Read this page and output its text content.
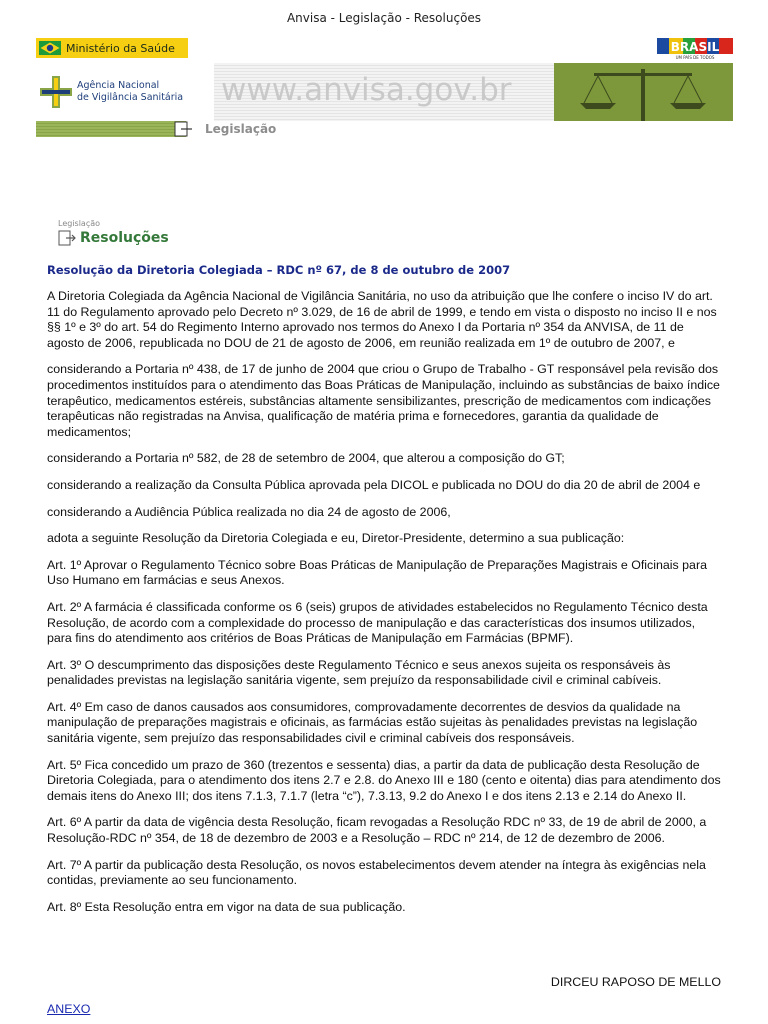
Anvisa - Legislação - Resoluções
Ministério da Saúde	BRASIL
UM PAÍS DE TODOS
Agência Nacional
de Vigilância Sanitária www.anvisa.gov.br
Legislação
Legislação
Resoluções
Resolução da Diretoria Colegiada – RDC nº 67, de 8 de outubro de 2007

A Diretoria Colegiada da Agência Nacional de Vigilância Sanitária, no uso da atribuição que lhe confere o inciso IV do art. 11 do Regulamento aprovado pelo Decreto nº 3.029, de 16 de abril de 1999, e tendo em vista o disposto no inciso II e nos §§ 1º e 3º do art. 54 do Regimento Interno aprovado nos termos do Anexo I da Portaria nº 354 da ANVISA, de 11 de agosto de 2006, republicada no DOU de 21 de agosto de 2006, em reunião realizada em 1º de outubro de 2007, e

considerando a Portaria nº 438, de 17 de junho de 2004 que criou o Grupo de Trabalho - GT responsável pela revisão dos procedimentos instituídos para o atendimento das Boas Práticas de Manipulação, incluindo as substâncias de baixo índice terapêutico, medicamentos estéreis, substâncias altamente sensibilizantes, prescrição de medicamentos com indicações terapêuticas não registradas na Anvisa, qualificação de matéria prima e fornecedores, garantia da qualidade de medicamentos;

considerando a Portaria nº 582, de 28 de setembro de 2004, que alterou a composição do GT;

considerando a realização da Consulta Pública aprovada pela DICOL e publicada no DOU do dia 20 de abril de 2004 e

considerando a Audiência Pública realizada no dia 24 de agosto de 2006,

adota a seguinte Resolução da Diretoria Colegiada e eu, Diretor-Presidente, determino a sua publicação:

Art. 1º Aprovar o Regulamento Técnico sobre Boas Práticas de Manipulação de Preparações Magistrais e Oficinais para Uso Humano em farmácias e seus Anexos.

Art. 2º A farmácia é classificada conforme os 6 (seis) grupos de atividades estabelecidos no Regulamento Técnico desta Resolução, de acordo com a complexidade do processo de manipulação e das características dos insumos utilizados, para fins do atendimento aos critérios de Boas Práticas de Manipulação em Farmácias (BPMF).

Art. 3º O descumprimento das disposições deste Regulamento Técnico e seus anexos sujeita os responsáveis às penalidades previstas na legislação sanitária vigente, sem prejuízo da responsabilidade civil e criminal cabíveis.

Art. 4º Em caso de danos causados aos consumidores, comprovadamente decorrentes de desvios da qualidade na manipulação de preparações magistrais e oficinais, as farmácias estão sujeitas às penalidades previstas na legislação sanitária vigente, sem prejuízo das responsabilidades civil e criminal cabíveis dos responsáveis.

Art. 5º Fica concedido um prazo de 360 (trezentos e sessenta) dias, a partir da data de publicação desta Resolução de Diretoria Colegiada, para o atendimento dos itens 2.7 e 2.8. do Anexo III e 180 (cento e oitenta) dias para atendimento dos demais itens do Anexo III; dos itens 7.1.3, 7.1.7 (letra “c”), 7.3.13, 9.2 do Anexo I e dos itens 2.13 e 2.14 do Anexo II.

Art. 6º A partir da data de vigência desta Resolução, ficam revogadas a Resolução RDC nº 33, de 19 de abril de 2000, a Resolução-RDC nº 354, de 18 de dezembro de 2003 e a Resolução – RDC nº 214, de 12 de dezembro de 2006.

Art. 7º A partir da publicação desta Resolução, os novos estabelecimentos devem atender na íntegra às exigências nela contidas, previamente ao seu funcionamento.

Art. 8º Esta Resolução entra em vigor na data de sua publicação.

DIRCEU RAPOSO DE MELLO
ANEXO
